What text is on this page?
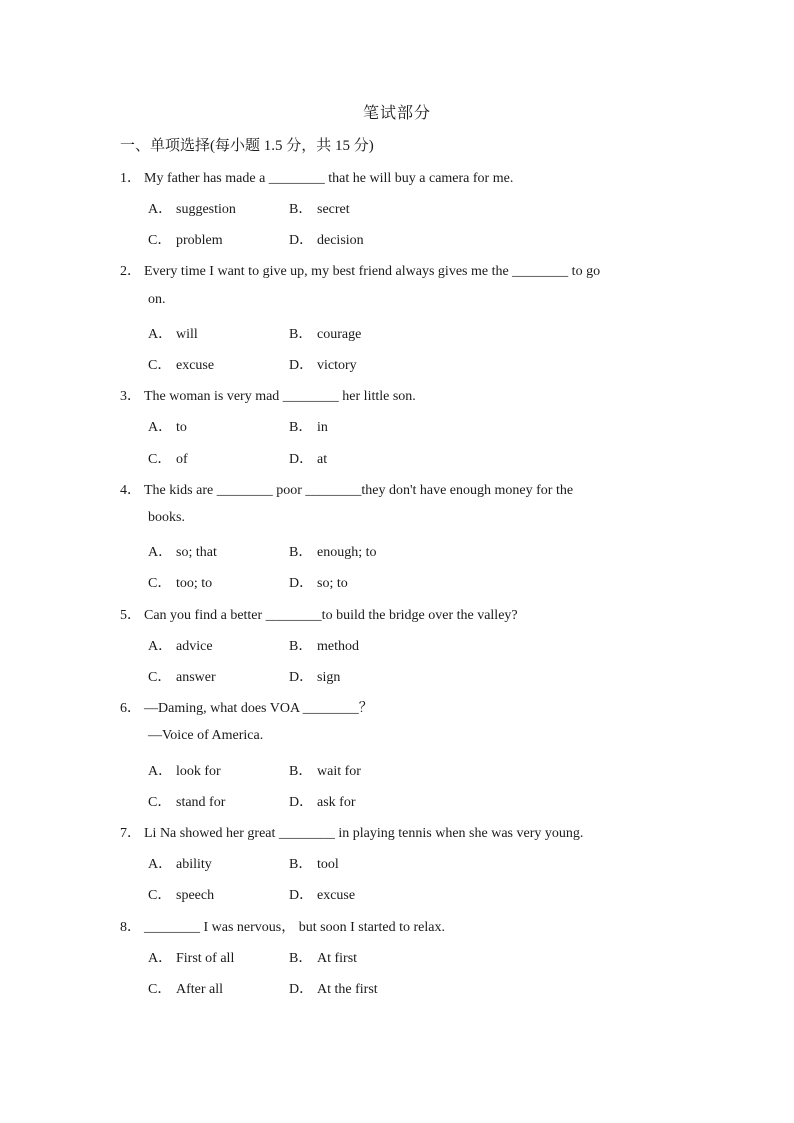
笔试部分
一、单项选择(每小题 1.5 分，共 15 分)
1． My father has made a ________ that he will buy a camera for me.
A． suggestion	B． secret
C． problem	D． decision
2． Every time I want to give up, my best friend always gives me the ________ to go
on.
A． will	B． courage
C． excuse	D． victory
3． The woman is very mad ________ her little son.
A． to	B． in
C． of	D． at
4． The kids are ________ poor ________they don't have enough money for the
books.
A． so; that	B． enough; to
C． too; to	D． so; to
5． Can you find a better ________to build the bridge over the valley?
A． advice	B． method
C． answer	D． sign
6． —Daming, what does VOA ________？
—Voice of America.
A． look for	B． wait for
C． stand for	D． ask for
7． Li Na showed her great ________ in playing tennis when she was very young.
A． ability	B． tool
C． speech	D． excuse
8． ________ I was nervous， but soon I started to relax.
A． First of all	B． At first
C． After all	D． At the first
